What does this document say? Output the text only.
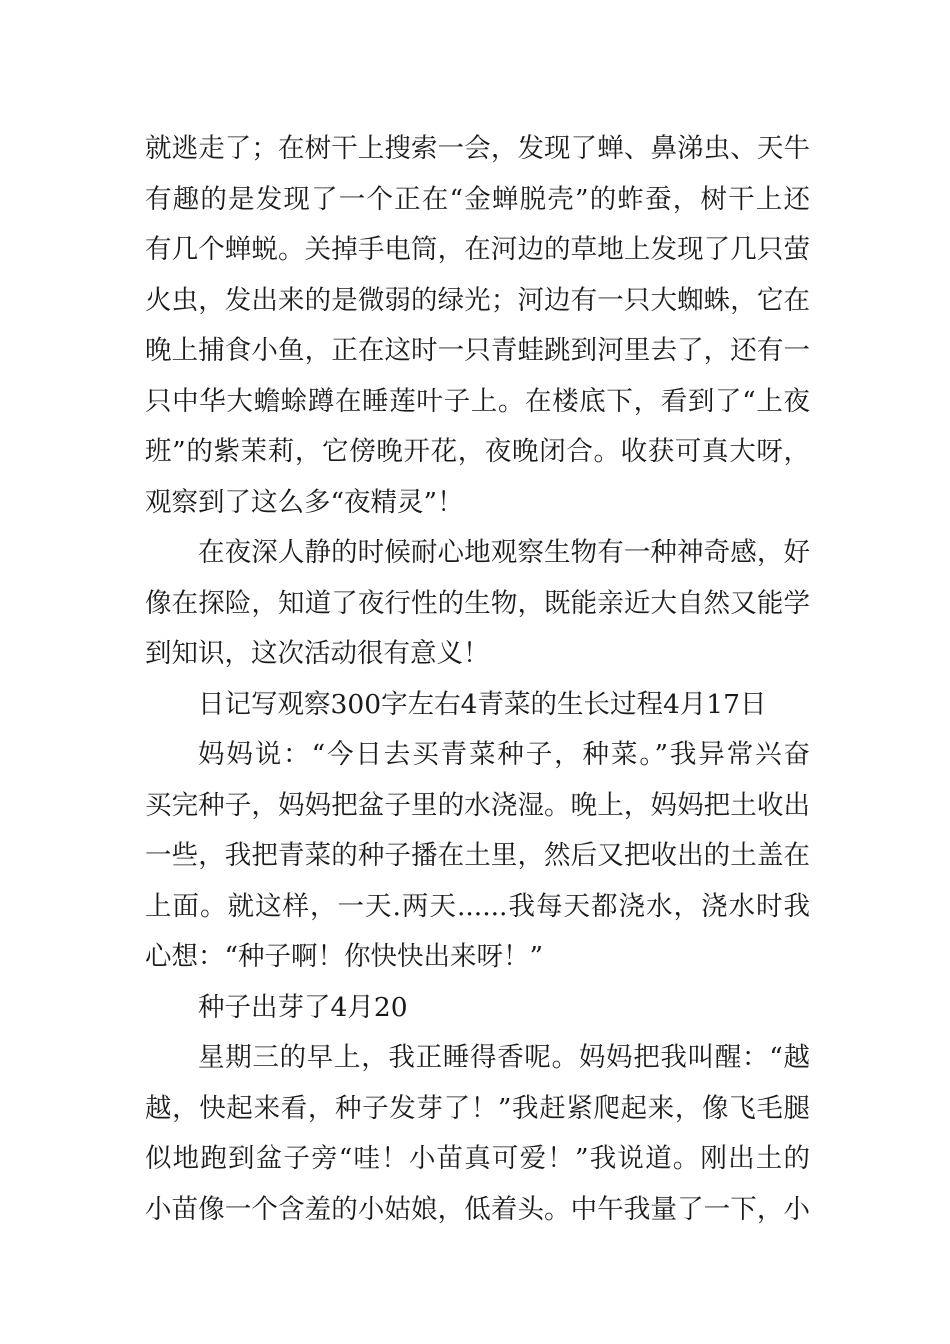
就逃走了；在树干上搜索一会，发现了蝉、鼻涕虫、天牛
有趣的是发现了一个正在“金蝉脱壳”的蚱蚕，树干上还
有几个蝉蜕。关掉手电筒，在河边的草地上发现了几只萤
火虫，发出来的是微弱的绿光；河边有一只大蜘蛛，它在
晚上捕食小鱼，正在这时一只青蛙跳到河里去了，还有一
只中华大蟾蜍蹲在睡莲叶子上。在楼底下，看到了“上夜
班”的紫茉莉，它傍晚开花，夜晚闭合。收获可真大呀，
观察到了这么多“夜精灵”！
在夜深人静的时候耐心地观察生物有一种神奇感，好
像在探险，知道了夜行性的生物，既能亲近大自然又能学
到知识，这次活动很有意义！
日记写观察300字左右4青菜的生长过程4月17日
妈妈说：“今日去买青菜种子，种菜。”我异常兴奋
买完种子，妈妈把盆子里的水浇湿。晚上，妈妈把土收出
一些，我把青菜的种子播在土里，然后又把收出的土盖在
上面。就这样，一天.两天......我每天都浇水，浇水时我
心想：“种子啊！你快快出来呀！”
种子出芽了4月20
星期三的早上，我正睡得香呢。妈妈把我叫醒：“越
越，快起来看，种子发芽了！”我赶紧爬起来，像飞毛腿
似地跑到盆子旁“哇！小苗真可爱！”我说道。刚出土的
小苗像一个含羞的小姑娘，低着头。中午我量了一下，小
